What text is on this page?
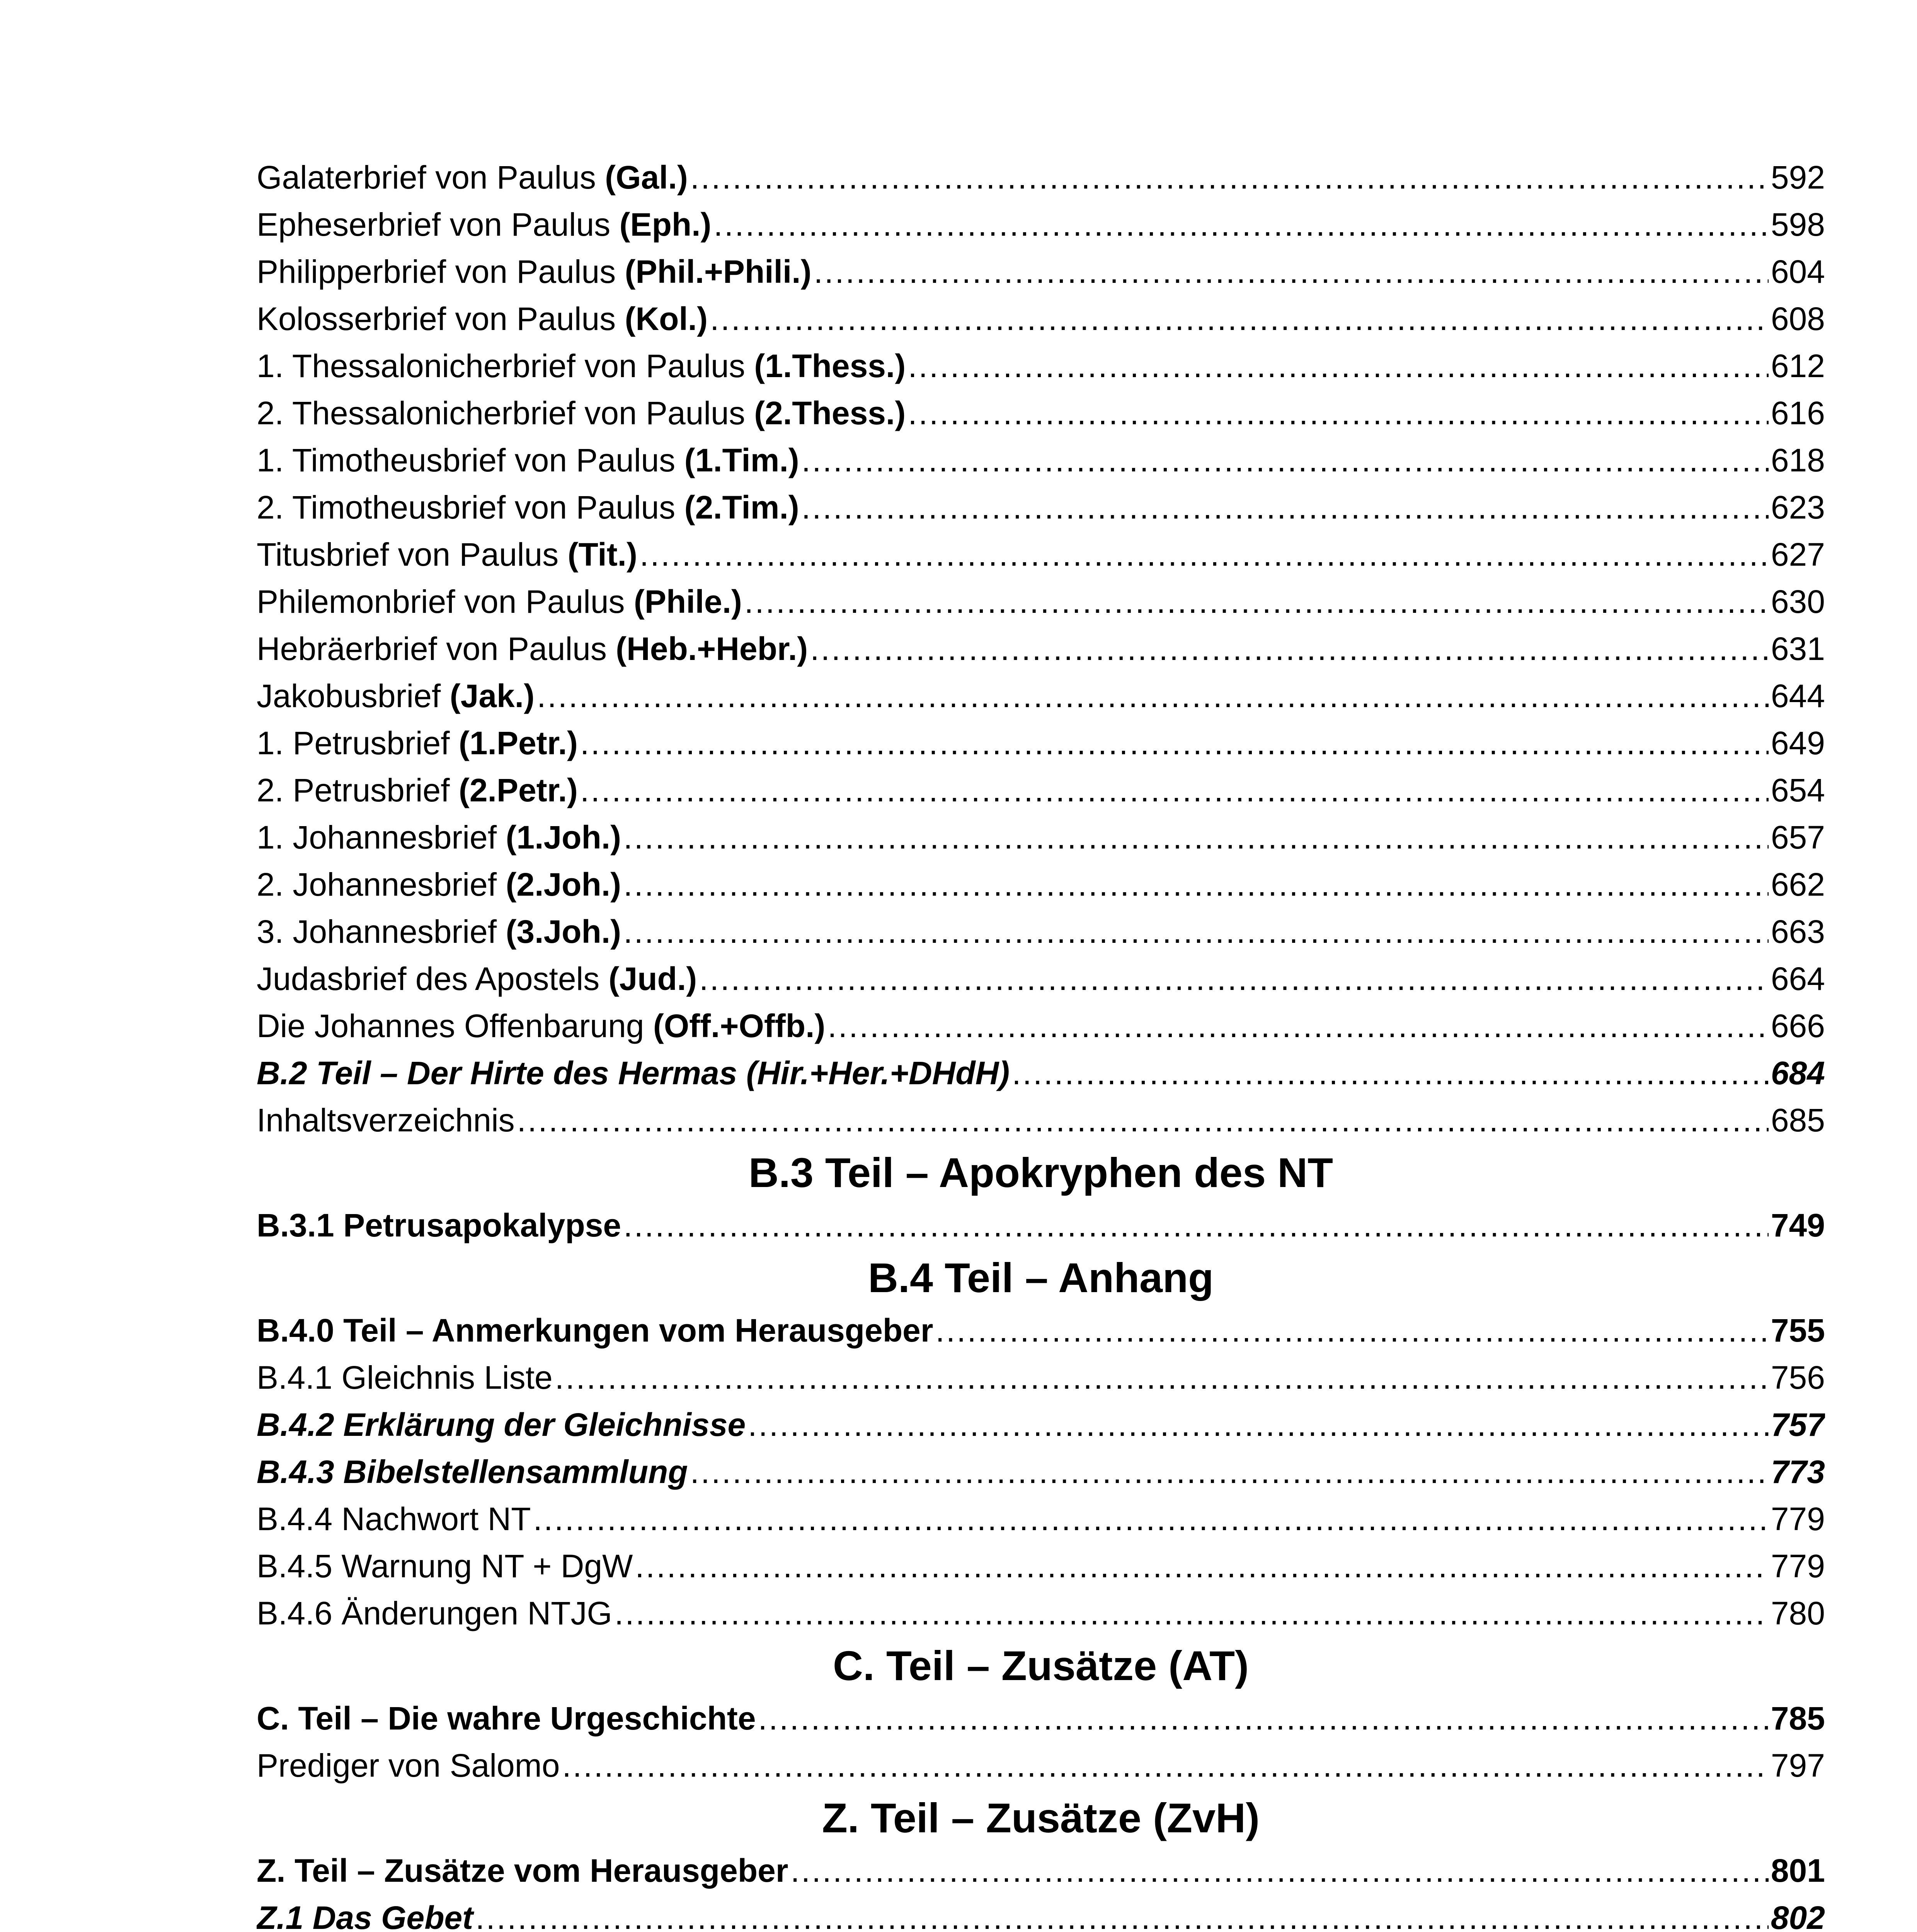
Galaterbrief von Paulus (Gal.) .....	592
Epheserbrief von Paulus (Eph.) .....	598
Philipperbrief von Paulus (Phil.+Phili.) .....	604
Kolosserbrief von Paulus (Kol.) .....	608
1. Thessalonicherbrief von Paulus (1.Thess.) .....	612
2. Thessalonicherbrief von Paulus (2.Thess.) .....	616
1. Timotheusbrief von Paulus (1.Tim.) .....	618
2. Timotheusbrief von Paulus (2.Tim.) .....	623
Titusbrief von Paulus (Tit.) .....	627
Philemonbrief von Paulus (Phile.) .....	630
Hebräerbrief von Paulus (Heb.+Hebr.) .....	631
Jakobusbrief (Jak.) .....	644
1. Petrusbrief (1.Petr.) .....	649
2. Petrusbrief (2.Petr.) .....	654
1. Johannesbrief (1.Joh.) .....	657
2. Johannesbrief (2.Joh.) .....	662
3. Johannesbrief (3.Joh.) .....	663
Judasbrief des Apostels (Jud.) .....	664
Die Johannes Offenbarung (Off.+Offb.) .....	666
B.2 Teil – Der Hirte des Hermas (Hir.+Her.+DHdH) .....	684
Inhaltsverzeichnis .....	685
B.3 Teil – Apokryphen des NT
B.3.1 Petrusapokalypse .....	749
B.4 Teil – Anhang
B.4.0 Teil – Anmerkungen vom Herausgeber .....	755
B.4.1 Gleichnis Liste .....	756
B.4.2 Erklärung der Gleichnisse .....	757
B.4.3 Bibelstellensammlung .....	773
B.4.4 Nachwort NT .....	779
B.4.5 Warnung NT + DgW .....	779
B.4.6 Änderungen NTJG .....	780
C. Teil – Zusätze (AT)
C. Teil – Die wahre Urgeschichte .....	785
Prediger von Salomo .....	797
Z. Teil – Zusätze (ZvH)
Z. Teil – Zusätze vom Herausgeber .....	801
Z.1 Das Gebet .....	802
